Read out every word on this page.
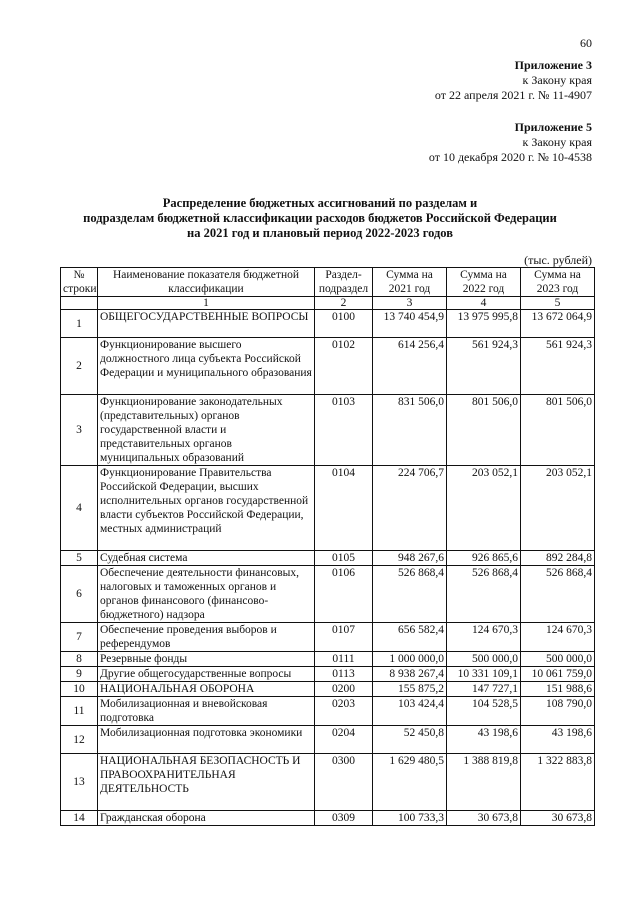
60
Приложение 3
к Закону края
от 22 апреля 2021 г. № 11-4907
Приложение 5
к Закону края
от 10 декабря 2020 г. № 10-4538
Распределение бюджетных ассигнований по разделам и
подразделам бюджетной классификации расходов бюджетов Российской Федерации
на 2021 год и плановый период 2022-2023 годов
(тыс. рублей)
№ строки	Наименование показателя бюджетной классификации	Раздел-подраздел	Сумма на 2021 год	Сумма на 2022 год	Сумма на 2023 год
	1	2	3	4	5
1	ОБЩЕГОСУДАРСТВЕННЫЕ ВОПРОСЫ	0100	13 740 454,9	13 975 995,8	13 672 064,9
2	Функционирование высшего должностного лица субъекта Российской Федерации и муниципального образования	0102	614 256,4	561 924,3	561 924,3
3	Функционирование законодательных (представительных) органов государственной власти и представительных органов муниципальных образований	0103	831 506,0	801 506,0	801 506,0
4	Функционирование Правительства Российской Федерации, высших исполнительных органов государственной власти субъектов Российской Федерации, местных администраций	0104	224 706,7	203 052,1	203 052,1
5	Судебная система	0105	948 267,6	926 865,6	892 284,8
6	Обеспечение деятельности финансовых, налоговых и таможенных органов и органов финансового (финансово-бюджетного) надзора	0106	526 868,4	526 868,4	526 868,4
7	Обеспечение проведения выборов и референдумов	0107	656 582,4	124 670,3	124 670,3
8	Резервные фонды	0111	1 000 000,0	500 000,0	500 000,0
9	Другие общегосударственные вопросы	0113	8 938 267,4	10 331 109,1	10 061 759,0
10	НАЦИОНАЛЬНАЯ ОБОРОНА	0200	155 875,2	147 727,1	151 988,6
11	Мобилизационная и вневойсковая подготовка	0203	103 424,4	104 528,5	108 790,0
12	Мобилизационная подготовка экономики	0204	52 450,8	43 198,6	43 198,6
13	НАЦИОНАЛЬНАЯ БЕЗОПАСНОСТЬ И ПРАВООХРАНИТЕЛЬНАЯ ДЕЯТЕЛЬНОСТЬ	0300	1 629 480,5	1 388 819,8	1 322 883,8
14	Гражданская оборона	0309	100 733,3	30 673,8	30 673,8
